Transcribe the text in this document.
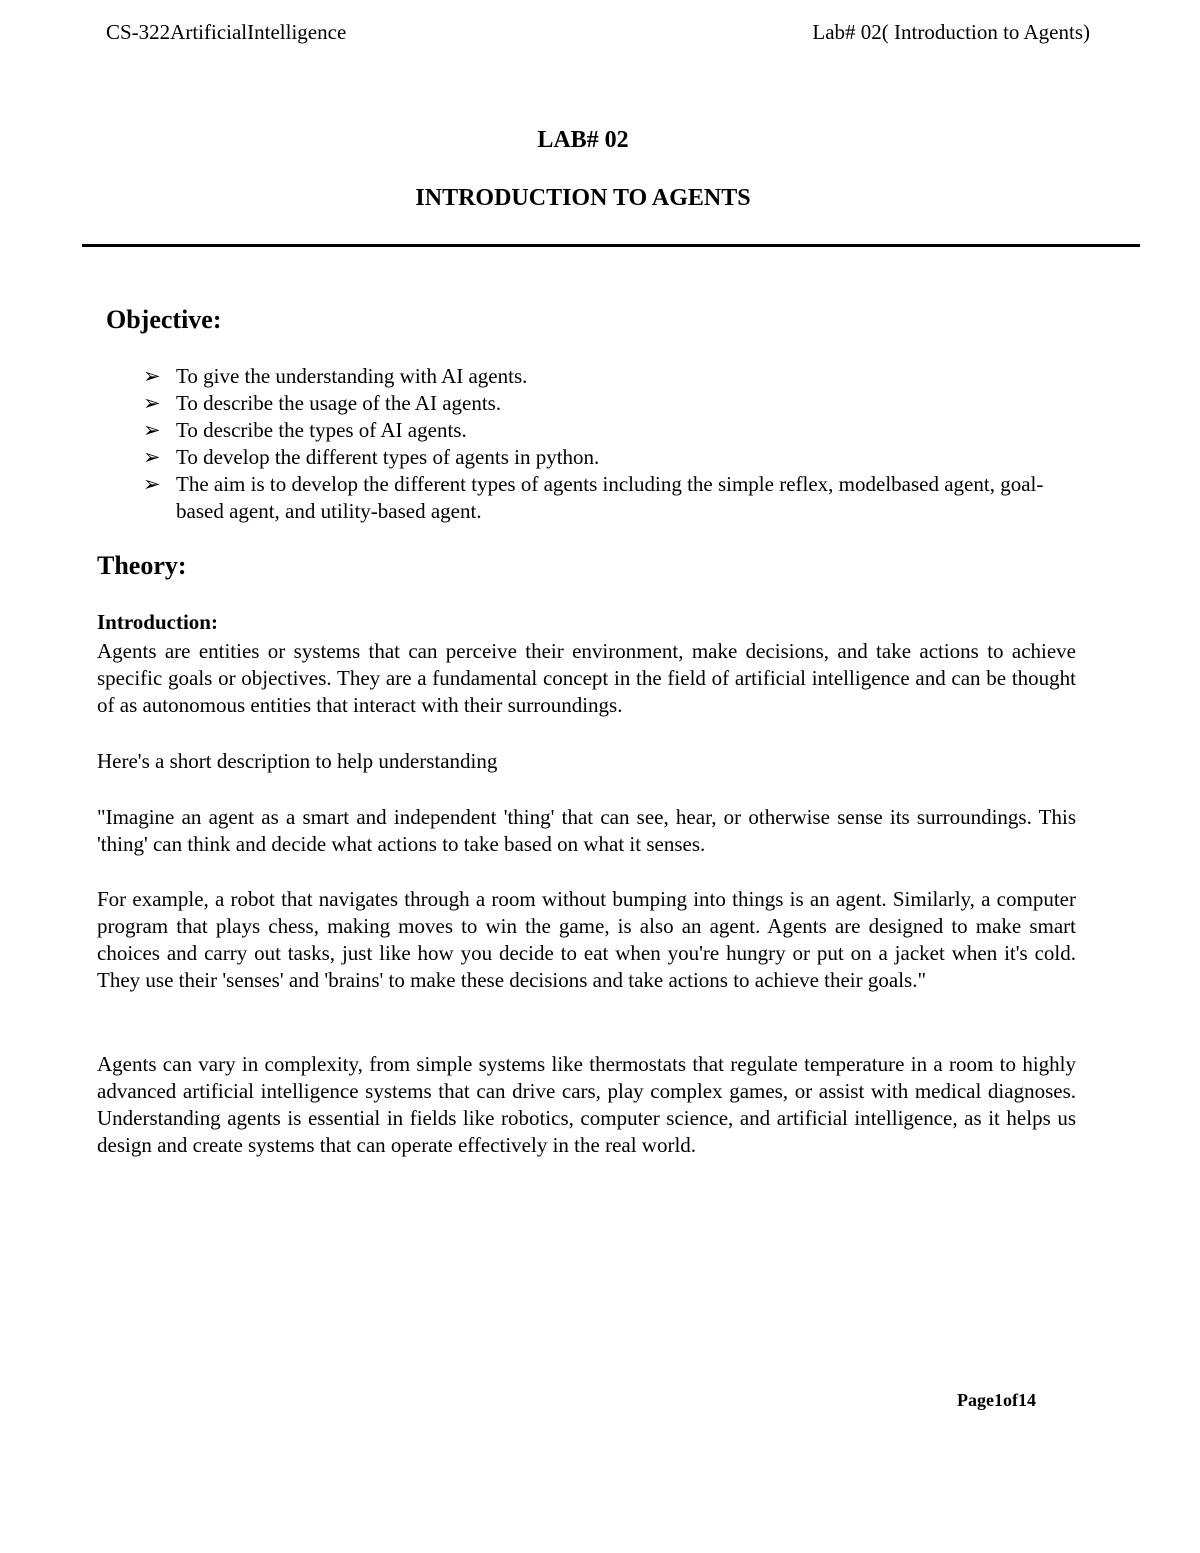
CS-322ArtificialIntelligence	Lab# 02( Introduction to Agents)
LAB# 02
INTRODUCTION TO AGENTS
Objective:
➢ To give the understanding with AI agents.
➢ To describe the usage of the AI agents.
➢ To describe the types of AI agents.
➢ To develop the different types of agents in python.
➢ The aim is to develop the different types of agents including the simple reflex, modelbased agent, goal-based agent, and utility-based agent.
Theory:
Introduction:

Agents are entities or systems that can perceive their environment, make decisions, and take actions to achieve specific goals or objectives. They are a fundamental concept in the field of artificial intelligence and can be thought of as autonomous entities that interact with their surroundings.

Here's a short description to help understanding

"Imagine an agent as a smart and independent 'thing' that can see, hear, or otherwise sense its surroundings. This 'thing' can think and decide what actions to take based on what it senses.

For example, a robot that navigates through a room without bumping into things is an agent. Similarly, a computer program that plays chess, making moves to win the game, is also an agent. Agents are designed to make smart choices and carry out tasks, just like how you decide to eat when you're hungry or put on a jacket when it's cold. They use their 'senses' and 'brains' to make these decisions and take actions to achieve their goals."

Agents can vary in complexity, from simple systems like thermostats that regulate temperature in a room to highly advanced artificial intelligence systems that can drive cars, play complex games, or assist with medical diagnoses. Understanding agents is essential in fields like robotics, computer science, and artificial intelligence, as it helps us design and create systems that can operate effectively in the real world.

Page1of14
